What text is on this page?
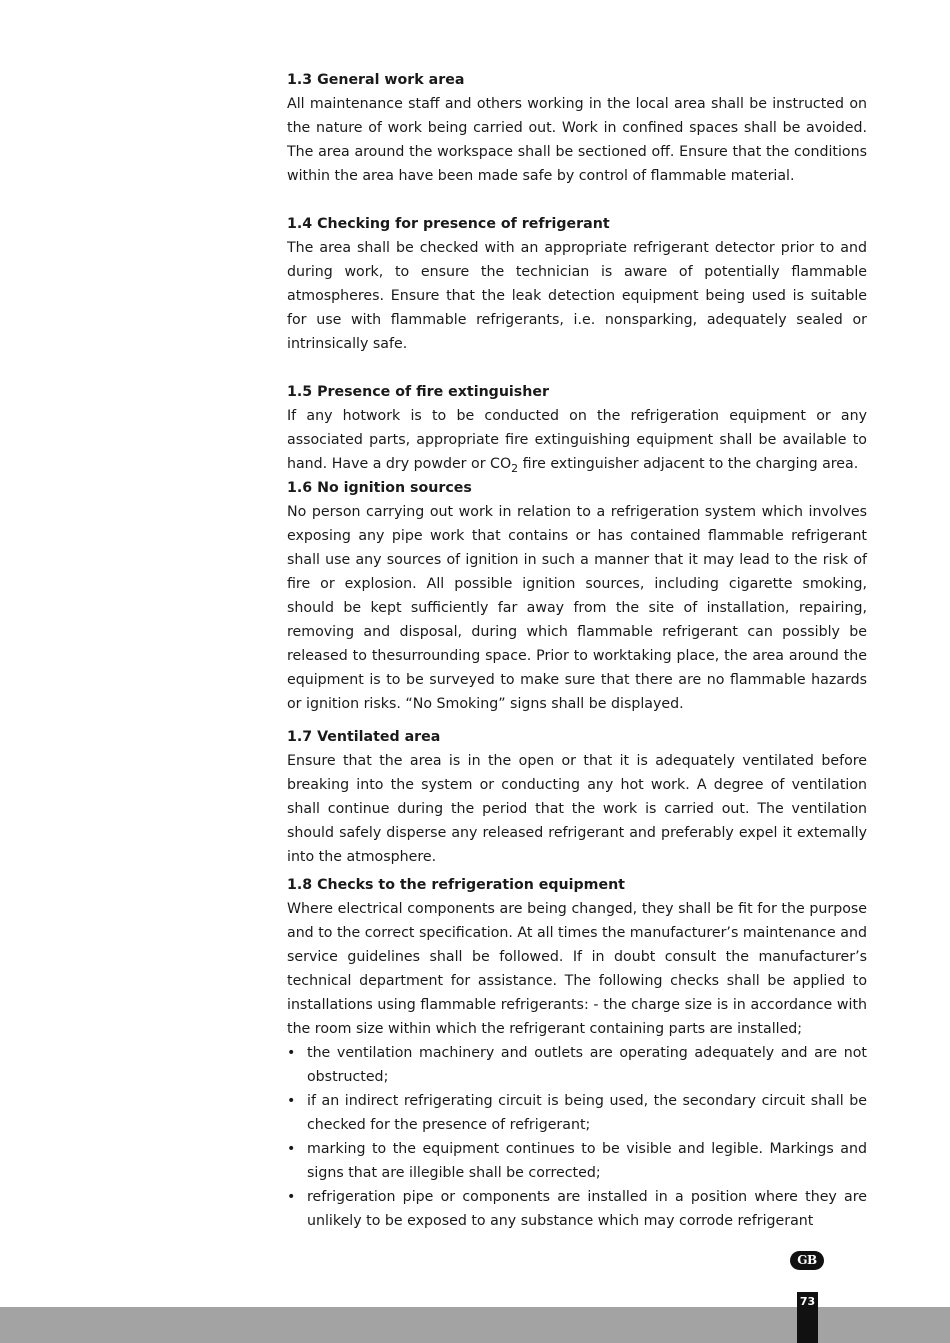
1.3 General work area

All maintenance staff and others working in the local area shall be instructed on the nature of work being carried out. Work in confined spaces shall be avoided. The area around the workspace shall be sectioned off. Ensure that the conditions within the area have been made safe by control of flammable material.

1.4 Checking for presence of refrigerant

The area shall be checked with an appropriate refrigerant detector prior to and during work, to ensure the technician is aware of potentially flammable atmospheres. Ensure that the leak detection equipment being used is suitable for use with flammable refrigerants, i.e. nonsparking, adequately sealed or intrinsically safe.

1.5 Presence of fire extinguisher

If any hotwork is to be conducted on the refrigeration equipment or any associated parts, appropriate fire extinguishing equipment shall be available to hand. Have a dry powder or $CO_2$ fire extinguisher adjacent to the charging area.

1.6 No ignition sources

No person carrying out work in relation to a refrigeration system which involves exposing any pipe work that contains or has contained flammable refrigerant shall use any sources of ignition in such a manner that it may lead to the risk of fire or explosion. All possible ignition sources, including cigarette smoking, should be kept sufficiently far away from the site of installation, repairing, removing and disposal, during which flammable refrigerant can possibly be released to thesurrounding space. Prior to worktaking place, the area around the equipment is to be surveyed to make sure that there are no flammable hazards or ignition risks. “No Smoking” signs shall be displayed.

1.7 Ventilated area

Ensure that the area is in the open or that it is adequately ventilated before breaking into the system or conducting any hot work. A degree of ventilation shall continue during the period that the work is carried out. The ventilation should safely disperse any released refrigerant and preferably expel it extemally into the atmosphere.

1.8 Checks to the refrigeration equipment

Where electrical components are being changed, they shall be fit for the purpose and to the correct specification. At all times the manufacturer’s maintenance and service guidelines shall be followed. If in doubt consult the manufacturer’s technical department for assistance. The following checks shall be applied to installations using flammable refrigerants: - the charge size is in accordance with the room size within which the refrigerant containing parts are installed;

• the ventilation machinery and outlets are operating adequately and are not obstructed;
• if an indirect refrigerating circuit is being used, the secondary circuit shall be checked for the presence of refrigerant;
• marking to the equipment continues to be visible and legible. Markings and signs that are illegible shall be corrected;
• refrigeration pipe or components are installed in a position where they are unlikely to be exposed to any substance which may corrode refrigerant
GB
73
